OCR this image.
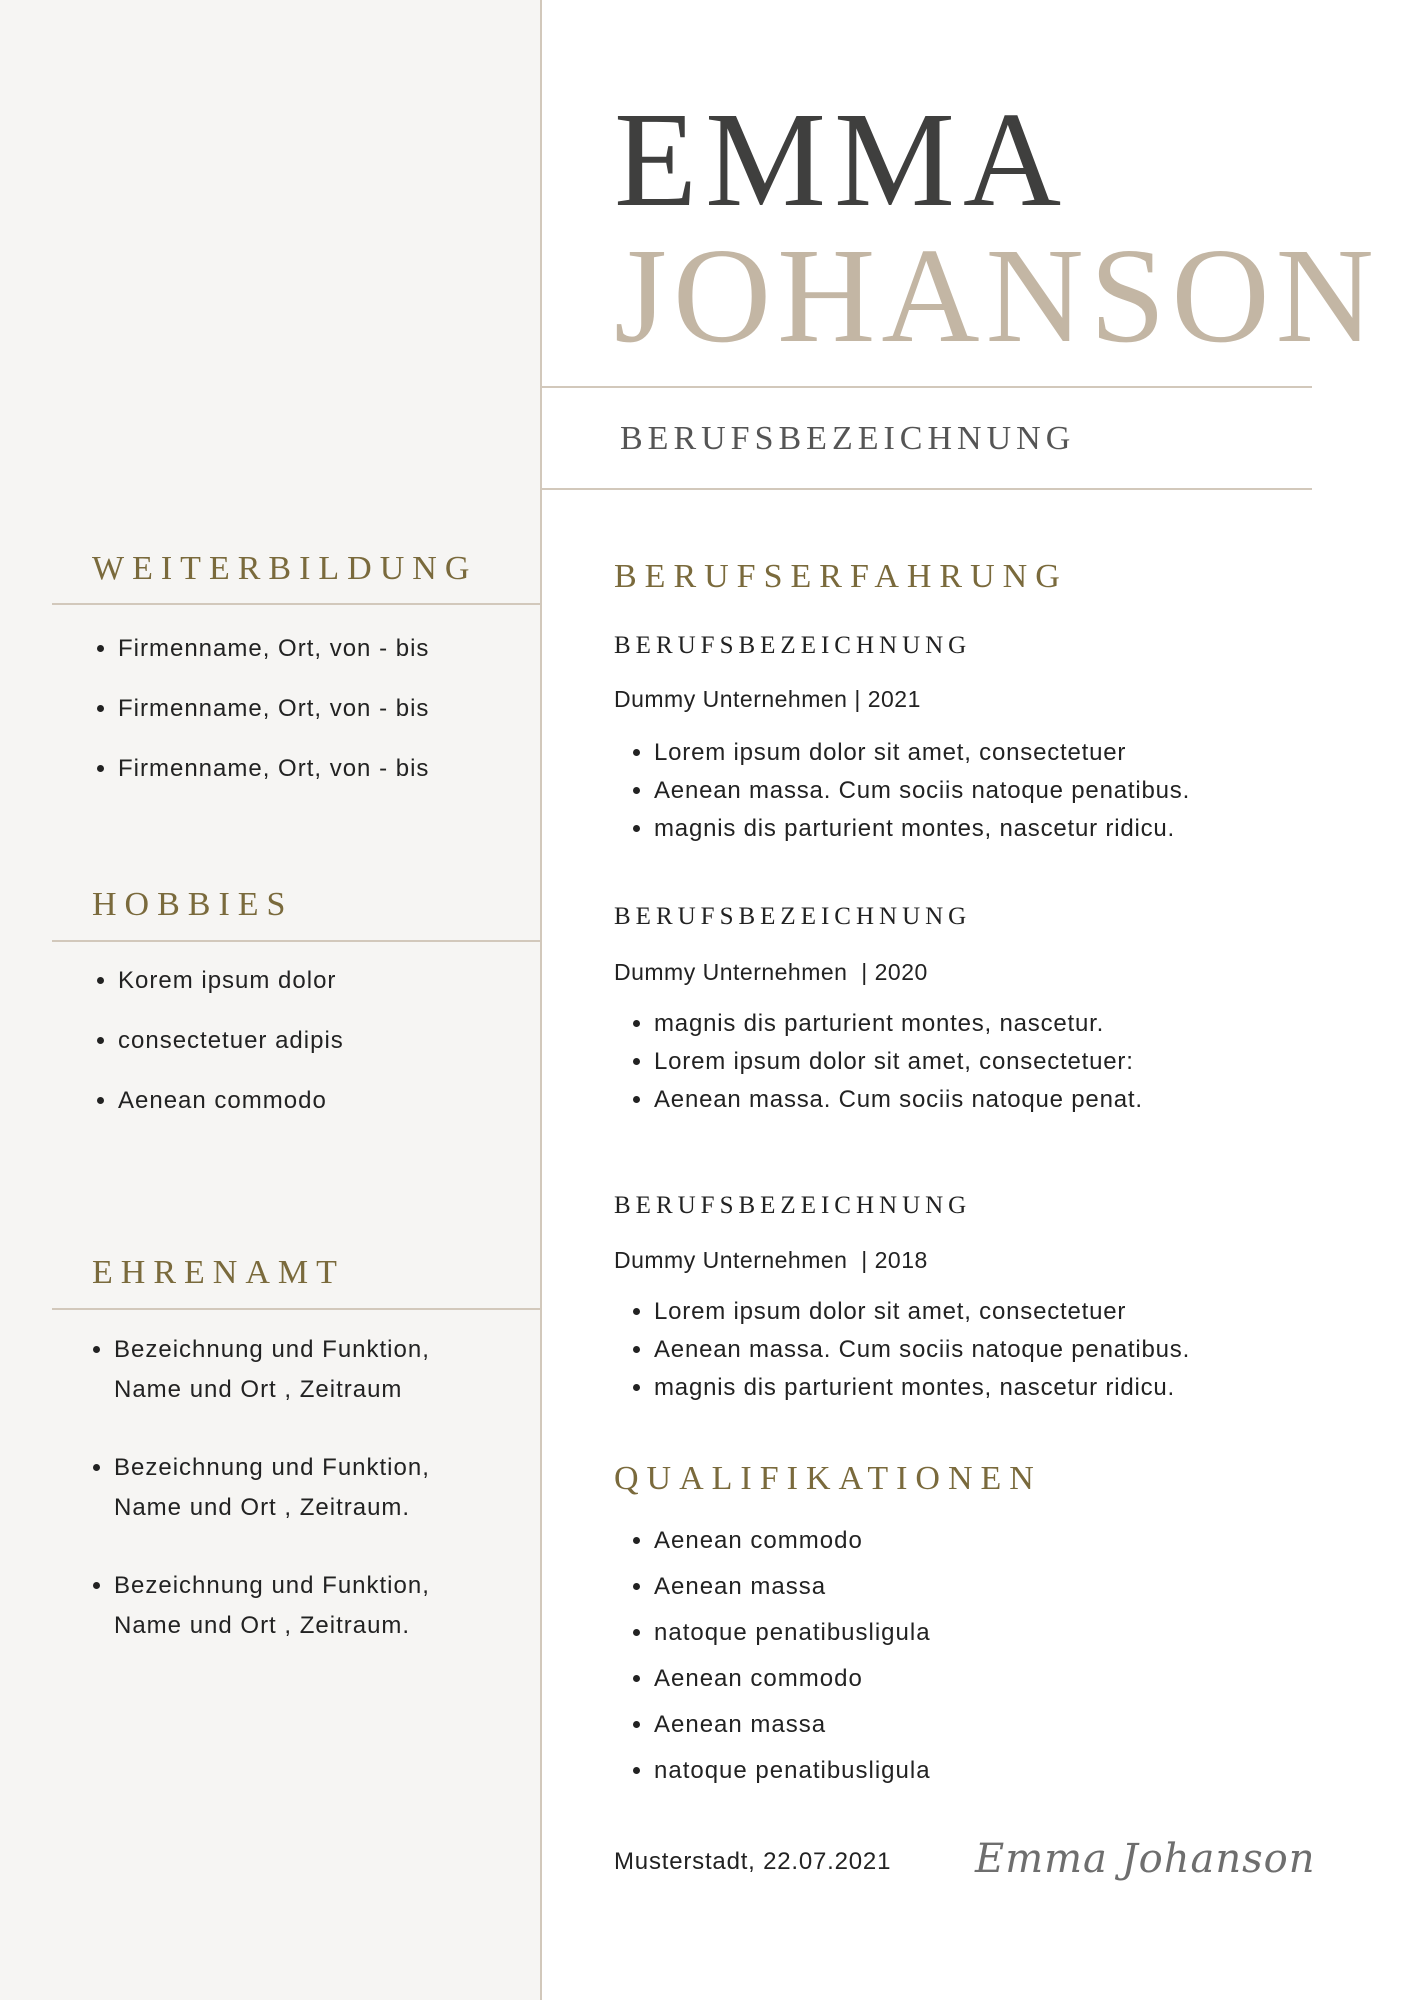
EMMA
JOHANSON
BERUFSBEZEICHNUNG
WEITERBILDUNG
• Firmenname, Ort, von - bis
• Firmenname, Ort, von - bis
• Firmenname, Ort, von - bis
HOBBIES
• Korem ipsum dolor
• consectetuer adipis
• Aenean commodo
EHRENAMT
• Bezeichnung und Funktion,
Name und Ort , Zeitraum
• Bezeichnung und Funktion,
Name und Ort , Zeitraum.
• Bezeichnung und Funktion,
Name und Ort , Zeitraum.
BERUFSERFAHRUNG
BERUFSBEZEICHNUNG
Dummy Unternehmen | 2021
• Lorem ipsum dolor sit amet, consectetuer
• Aenean massa. Cum sociis natoque penatibus.
• magnis dis parturient montes, nascetur ridicu.
BERUFSBEZEICHNUNG
Dummy Unternehmen  | 2020
• magnis dis parturient montes, nascetur.
• Lorem ipsum dolor sit amet, consectetuer:
• Aenean massa. Cum sociis natoque penat.
BERUFSBEZEICHNUNG
Dummy Unternehmen  | 2018
• Lorem ipsum dolor sit amet, consectetuer
• Aenean massa. Cum sociis natoque penatibus.
• magnis dis parturient montes, nascetur ridicu.
QUALIFIKATIONEN
• Aenean commodo
• Aenean massa
• natoque penatibusligula
• Aenean commodo
• Aenean massa
• natoque penatibusligula
Musterstadt, 22.07.2021 Emma Johanson
